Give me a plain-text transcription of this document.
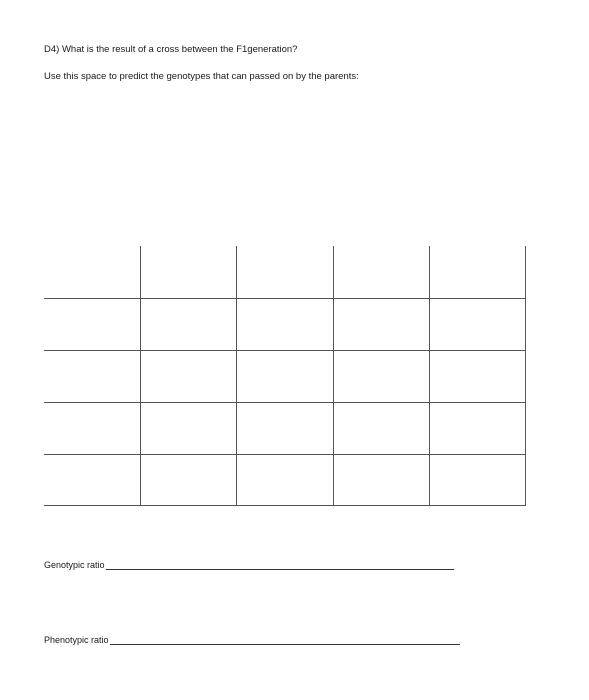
D4) What is the result of a cross between the F1generation?
Use this space to predict the genotypes that can passed on by the parents:
Genotypic ratio
Phenotypic ratio
